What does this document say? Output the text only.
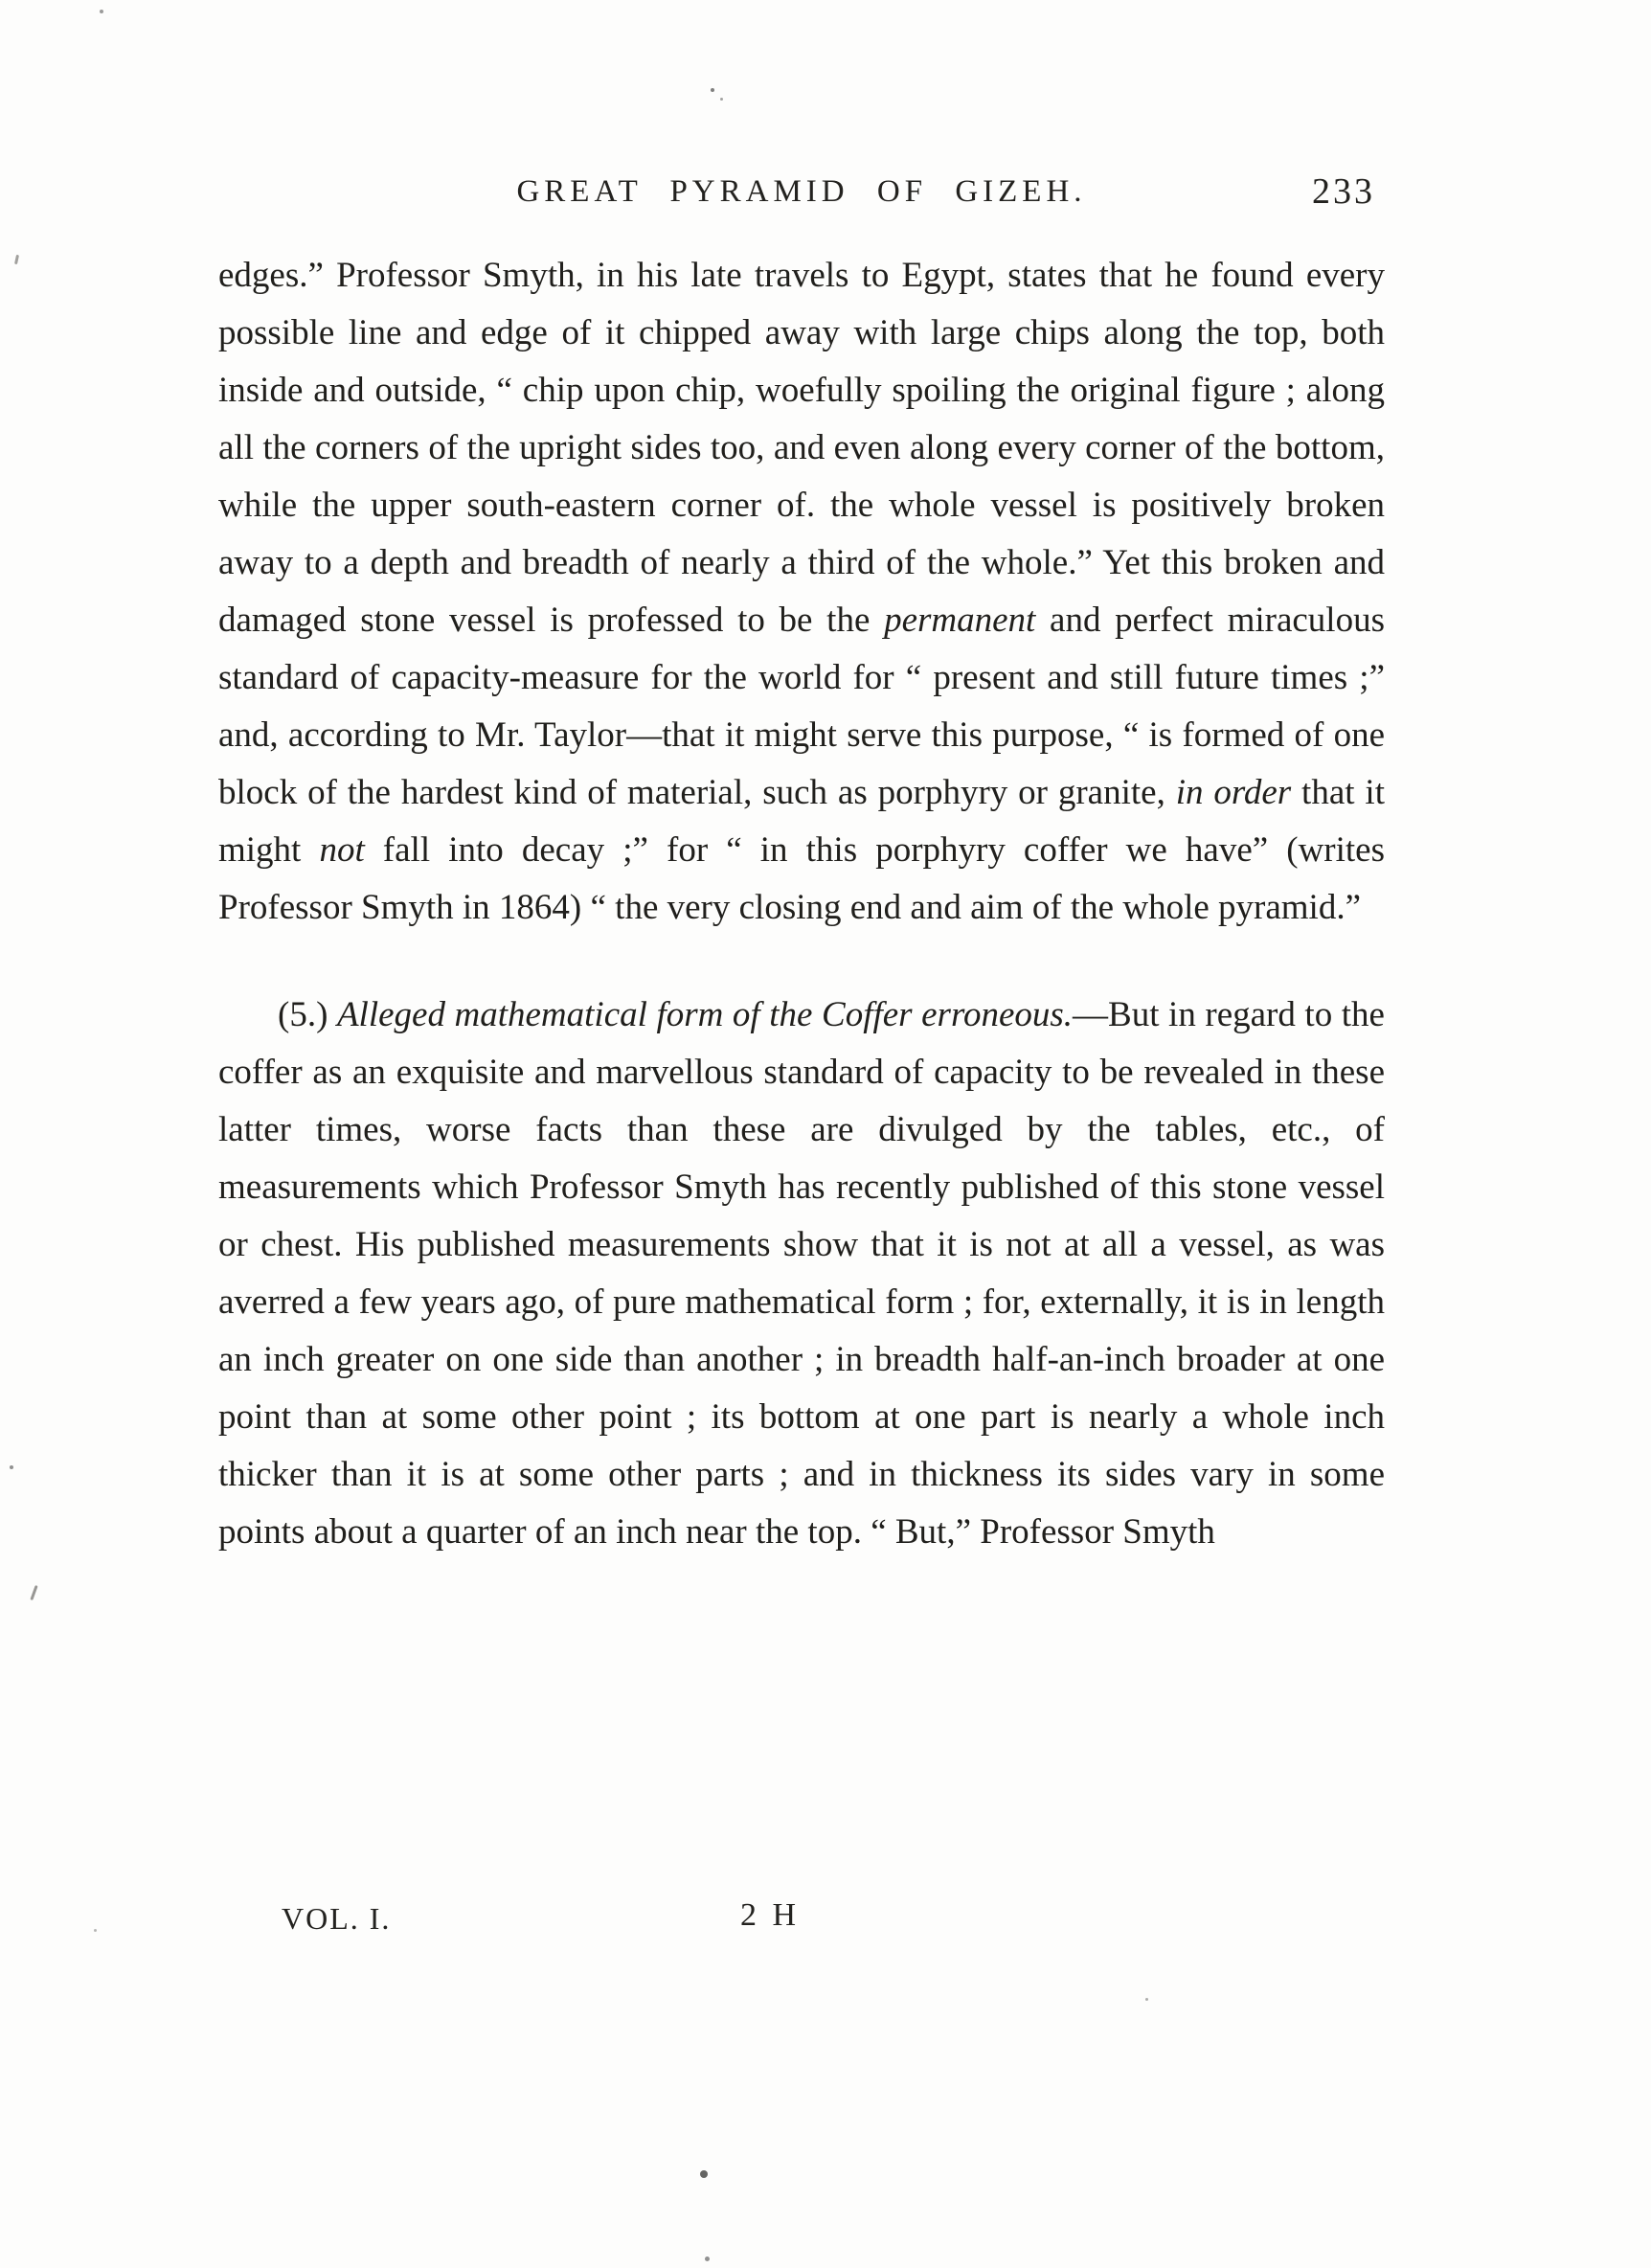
GREAT PYRAMID OF GIZEH.	233

edges.” Professor Smyth, in his late travels to Egypt, states that he found every possible line and edge of it chipped away with large chips along the top, both inside and outside, “ chip upon chip, woefully spoiling the original figure ; along all the corners of the upright sides too, and even along every corner of the bottom, while the upper south-eastern corner of. the whole vessel is positively broken away to a depth and breadth of nearly a third of the whole.” Yet this broken and damaged stone vessel is professed to be the permanent and perfect miraculous standard of capacity-measure for the world for “ present and still future times ;” and, according to Mr. Taylor—that it might serve this purpose, “ is formed of one block of the hardest kind of material, such as porphyry or granite, in order that it might not fall into decay ;” for “ in this porphyry coffer we have” (writes Professor Smyth in 1864) “ the very closing end and aim of the whole pyramid.”

(5.) Alleged mathematical form of the Coffer erroneous.—But in regard to the coffer as an exquisite and marvellous standard of capacity to be revealed in these latter times, worse facts than these are divulged by the tables, etc., of measurements which Professor Smyth has recently published of this stone vessel or chest. His published measurements show that it is not at all a vessel, as was averred a few years ago, of pure mathematical form ; for, externally, it is in length an inch greater on one side than another ; in breadth half-an-inch broader at one point than at some other point ; its bottom at one part is nearly a whole inch thicker than it is at some other parts ; and in thickness its sides vary in some points about a quarter of an inch near the top. “ But,” Professor Smyth

VOL. I.	2 H
